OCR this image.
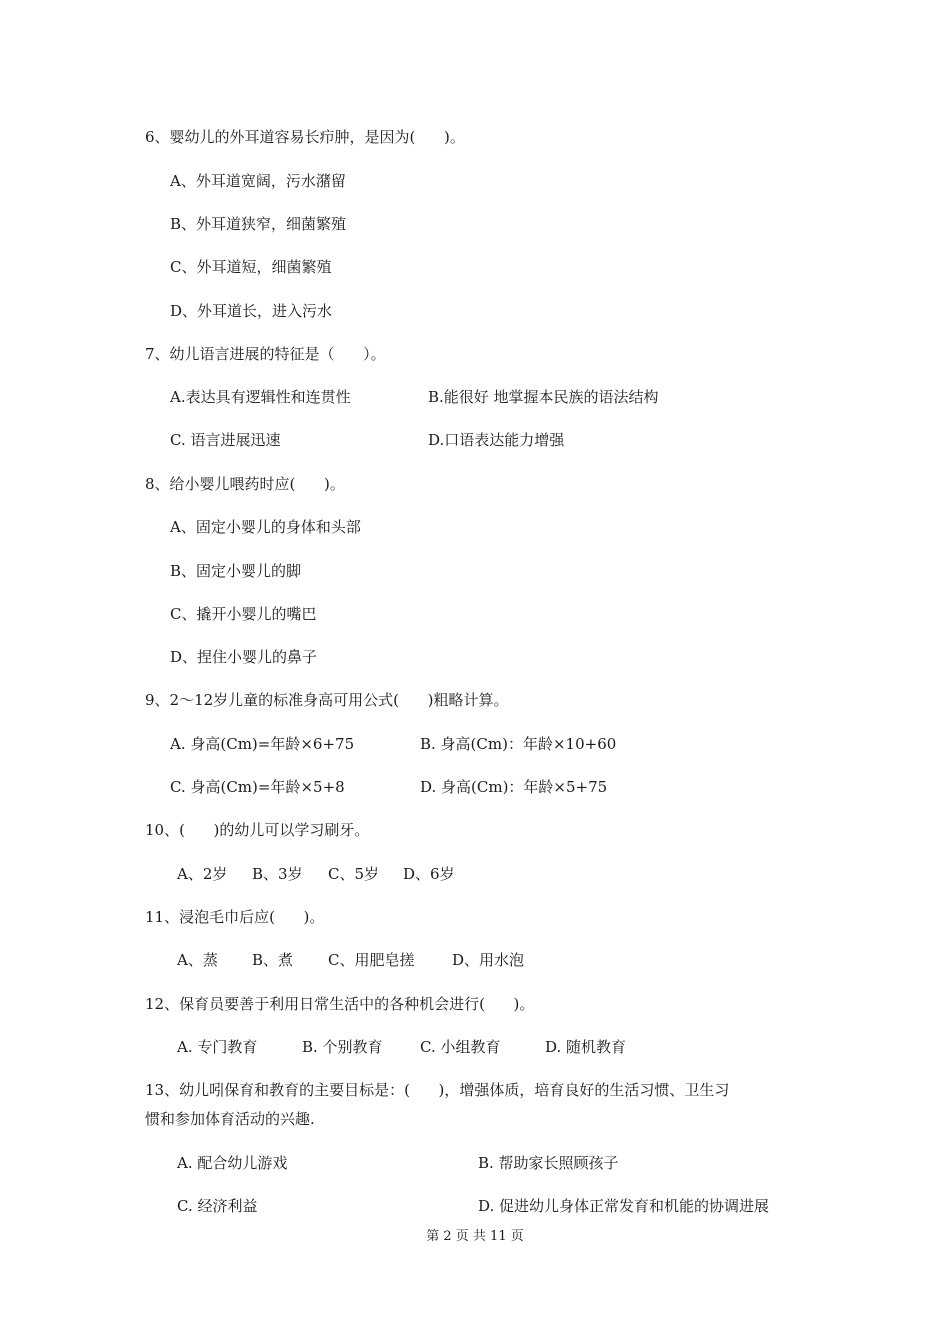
6、婴幼儿的外耳道容易长疖肿，是因为(      )。
A、外耳道宽阔，污水潴留
B、外耳道狭窄，细菌繁殖
C、外耳道短，细菌繁殖
D、外耳道长，进入污水
7、幼儿语言进展的特征是（      ）。
A.表达具有逻辑性和连贯性	B.能很好 地掌握本民族的语法结构
C. 语言进展迅速	D.口语表达能力增强
8、给小婴儿喂药时应(      )。
A、固定小婴儿的身体和头部
B、固定小婴儿的脚
C、撬开小婴儿的嘴巴
D、捏住小婴儿的鼻子
9、2～12岁儿童的标准身高可用公式(      )粗略计算。
A. 身高(Cm)=年龄×6+75	B. 身高(Cm)：年龄×10+60
C. 身高(Cm)=年龄×5+8	D. 身高(Cm)：年龄×5+75
10、(      )的幼儿可以学习刷牙。
A、2岁 B、3岁 C、5岁 D、6岁
11、浸泡毛巾后应(      )。
A、蒸 B、煮 C、用肥皂搓	D、用水泡
12、保育员要善于利用日常生活中的各种机会进行(      )。
A. 专门教育	B. 个别教育 C. 小组教育	D. 随机教育
13、幼儿吲保育和教育的主要目标是：(      )，增强体质，培育良好的生活习惯、卫生习
惯和参加体育活动的兴趣.
A. 配合幼儿游戏	B. 帮助家长照顾孩子
C. 经济利益	D. 促进幼儿身体正常发育和机能的协调进展
第 2 页 共 11 页
